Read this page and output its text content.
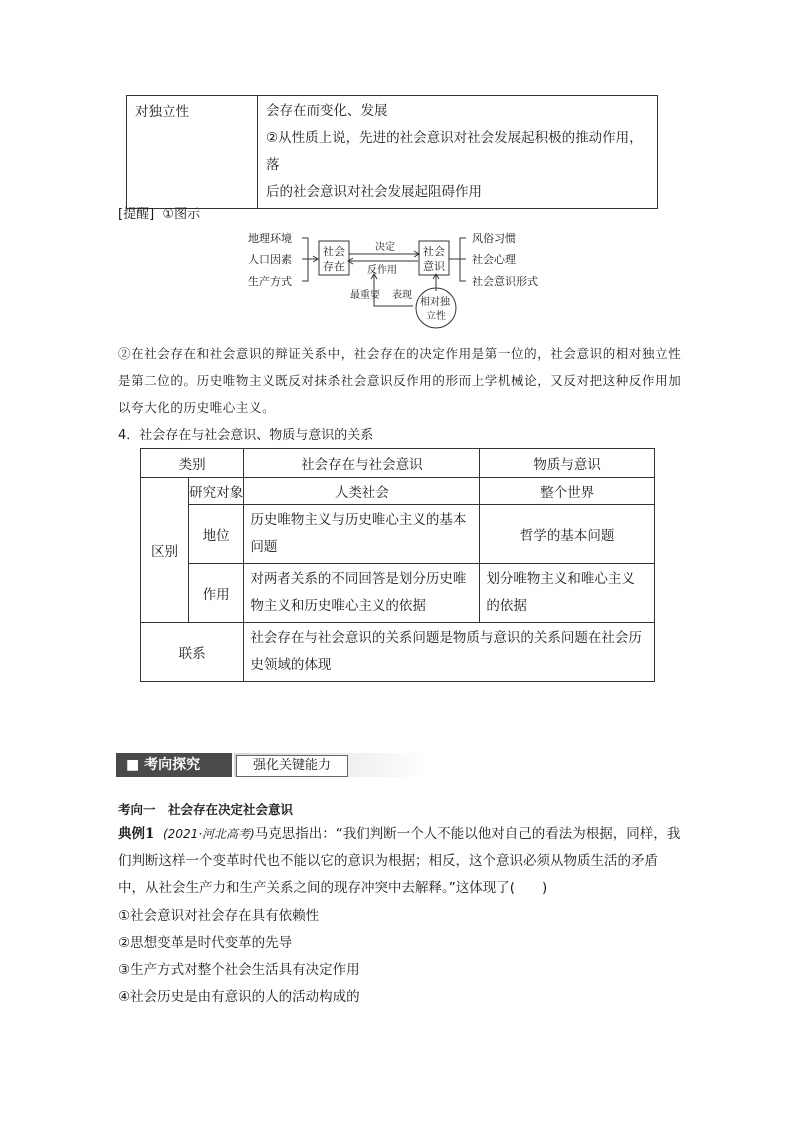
对独立性	会存在而变化、发展
②从性质上说，先进的社会意识对社会发展起积极的推动作用，落
后的社会意识对社会发展起阻碍作用
[提醒] ①图示
地理环境
人口因素
生产方式
社会
存在
决定
反作用
社会
意识
风俗习惯
社会心理
社会意识形式
最重要 表现
相对独
立性
②在社会存在和社会意识的辩证关系中，社会存在的决定作用是第一位的，社会意识的相对独立性是第二位的。历史唯物主义既反对抹杀社会意识反作用的形而上学机械论，又反对把这种反作用加以夸大化的历史唯心主义。
4．社会存在与社会意识、物质与意识的关系
类别		社会存在与社会意识	物质与意识
区别	研究对象	人类社会	整个世界
	地位	历史唯物主义与历史唯心主义的基本问题	哲学的基本问题
	作用	对两者关系的不同回答是划分历史唯物主义和历史唯心主义的依据	划分唯物主义和唯心主义的依据
联系		社会存在与社会意识的关系问题是物质与意识的关系问题在社会历史领域的体现	
■ 考向探究	强化关键能力
考向一　社会存在决定社会意识
典例1 (2021·河北高考)马克思指出：“我们判断一个人不能以他对自己的看法为根据，同样，我们判断这样一个变革时代也不能以它的意识为根据；相反，这个意识必须从物质生活的矛盾中，从社会生产力和生产关系之间的现存冲突中去解释。”这体现了(　　)
①社会意识对社会存在具有依赖性
②思想变革是时代变革的先导
③生产方式对整个社会生活具有决定作用
④社会历史是由有意识的人的活动构成的
